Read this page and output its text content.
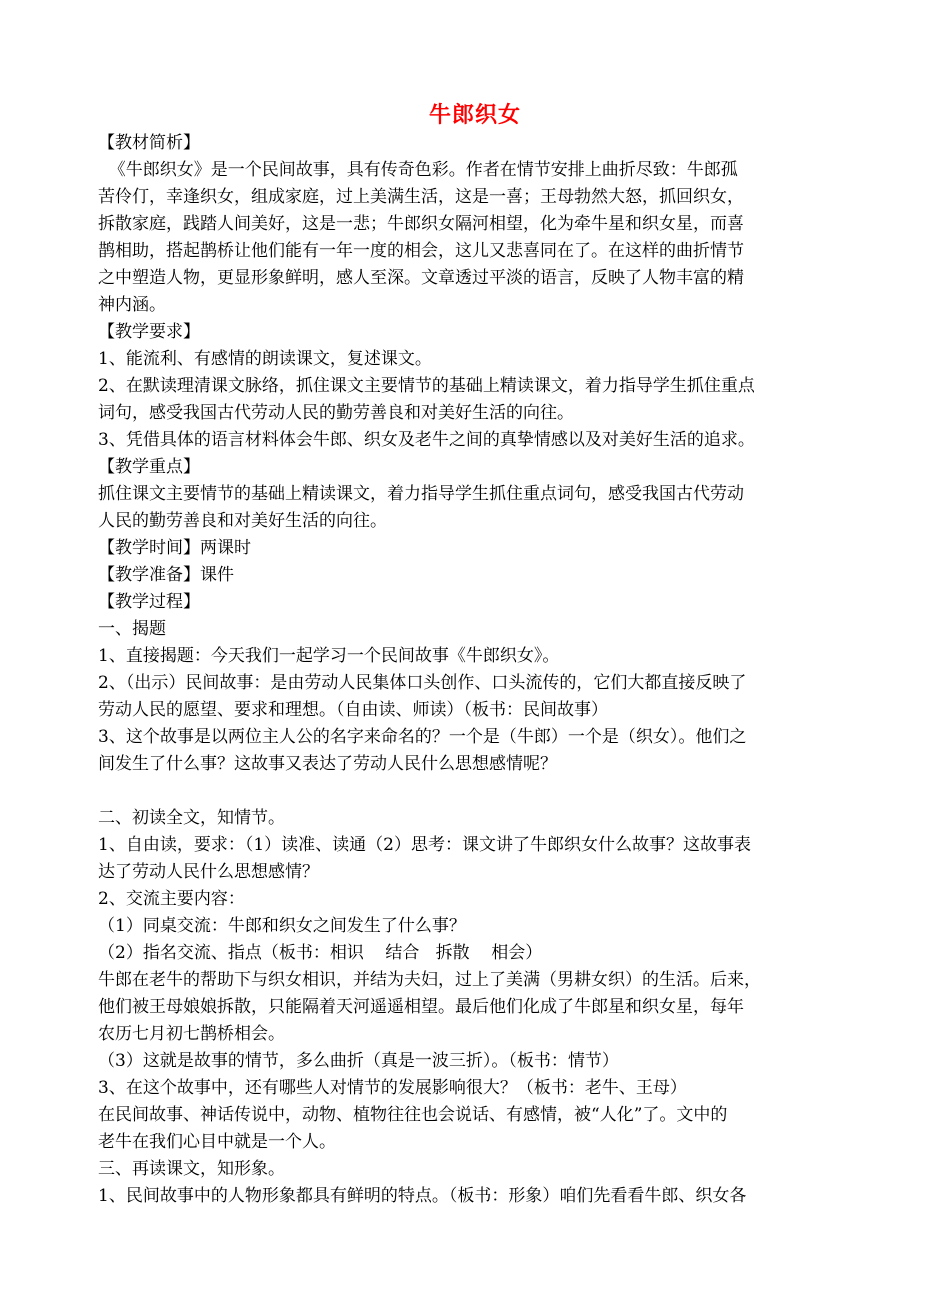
牛郎织女
【教材简析】
《牛郎织女》是一个民间故事，具有传奇色彩。作者在情节安排上曲折尽致：牛郎孤
苦伶仃，幸逢织女，组成家庭，过上美满生活，这是一喜；王母勃然大怒，抓回织女，
拆散家庭，践踏人间美好，这是一悲；牛郎织女隔河相望，化为牵牛星和织女星，而喜
鹊相助，搭起鹊桥让他们能有一年一度的相会，这儿又悲喜同在了。在这样的曲折情节
之中塑造人物，更显形象鲜明，感人至深。文章透过平淡的语言，反映了人物丰富的精
神内涵。
【教学要求】
1、能流利、有感情的朗读课文，复述课文。
2、在默读理清课文脉络，抓住课文主要情节的基础上精读课文，着力指导学生抓住重点
词句，感受我国古代劳动人民的勤劳善良和对美好生活的向往。
3、凭借具体的语言材料体会牛郎、织女及老牛之间的真挚情感以及对美好生活的追求。
【教学重点】
抓住课文主要情节的基础上精读课文，着力指导学生抓住重点词句，感受我国古代劳动
人民的勤劳善良和对美好生活的向往。
【教学时间】两课时
【教学准备】课件
【教学过程】
一、揭题
1、直接揭题：今天我们一起学习一个民间故事《牛郎织女》。
2、（出示）民间故事：是由劳动人民集体口头创作、口头流传的，它们大都直接反映了
劳动人民的愿望、要求和理想。（自由读、师读）（板书：民间故事）
3、这个故事是以两位主人公的名字来命名的？一个是（牛郎）一个是（织女）。他们之
间发生了什么事？这故事又表达了劳动人民什么思想感情呢？
二、初读全文，知情节。
1、自由读，要求：（1）读准、读通（2）思考：课文讲了牛郎织女什么故事？这故事表
达了劳动人民什么思想感情？
2、交流主要内容：
（1）同桌交流：牛郎和织女之间发生了什么事？
（2）指名交流、指点（板书：相识    结合   拆散    相会）
牛郎在老牛的帮助下与织女相识，并结为夫妇，过上了美满（男耕女织）的生活。后来，
他们被王母娘娘拆散，只能隔着天河遥遥相望。最后他们化成了牛郎星和织女星，每年
农历七月初七鹊桥相会。
（3）这就是故事的情节，多么曲折（真是一波三折）。（板书：情节）
3、在这个故事中，还有哪些人对情节的发展影响很大？（板书：老牛、王母）
在民间故事、神话传说中，动物、植物往往也会说话、有感情，被“人化”了。文中的
老牛在我们心目中就是一个人。
三、再读课文，知形象。
1、民间故事中的人物形象都具有鲜明的特点。（板书：形象）咱们先看看牛郎、织女各
